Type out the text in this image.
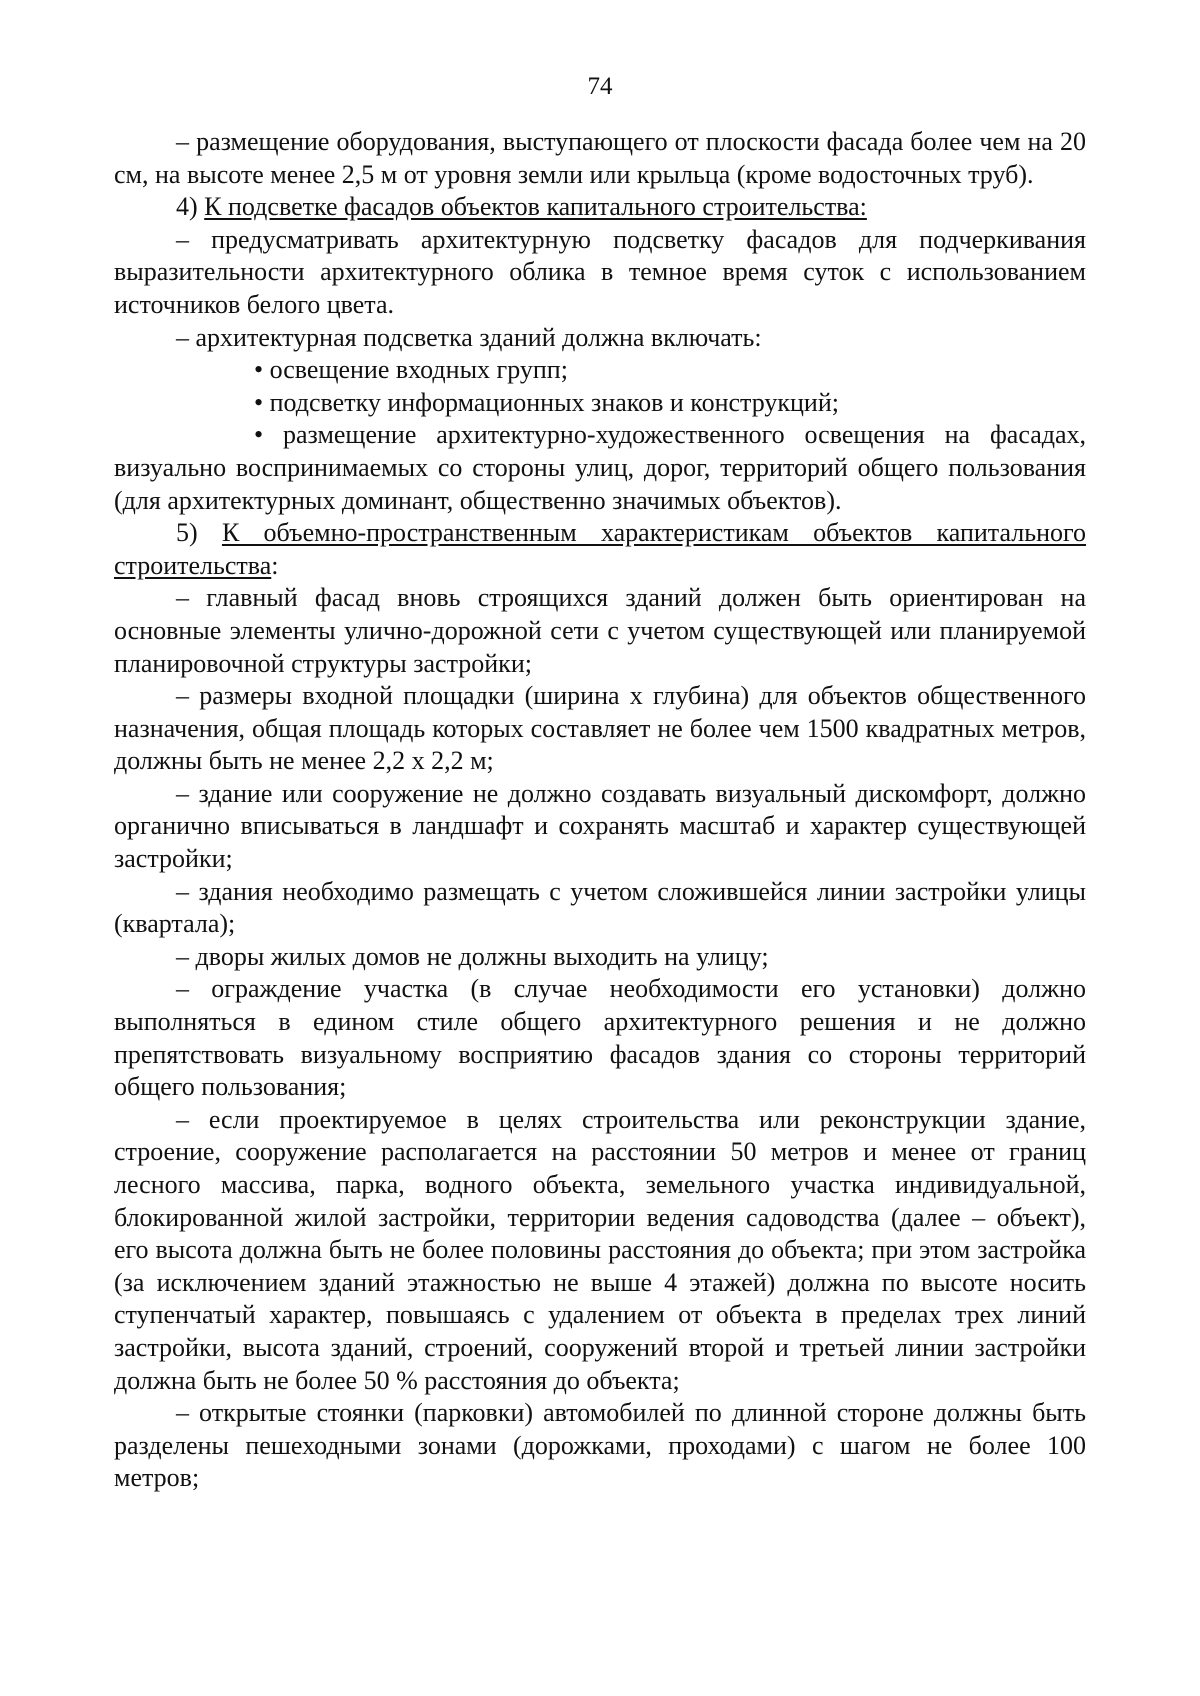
74

– размещение оборудования, выступающего от плоскости фасада более чем на 20 см, на высоте менее 2,5 м от уровня земли или крыльца (кроме водосточных труб).

4) К подсветке фасадов объектов капитального строительства:

– предусматривать архитектурную подсветку фасадов для подчеркивания выразительности архитектурного облика в темное время суток с использованием источников белого цвета.

– архитектурная подсветка зданий должна включать:

• освещение входных групп;

• подсветку информационных знаков и конструкций;

• размещение архитектурно-художественного освещения на фасадах, визуально воспринимаемых со стороны улиц, дорог, территорий общего пользования (для архитектурных доминант, общественно значимых объектов).

5) К объемно-пространственным характеристикам объектов капитального строительства:

– главный фасад вновь строящихся зданий должен быть ориентирован на основные элементы улично-дорожной сети с учетом существующей или планируемой планировочной структуры застройки;

– размеры входной площадки (ширина х глубина) для объектов общественного назначения, общая площадь которых составляет не более чем 1500 квадратных метров, должны быть не менее 2,2 х 2,2 м;

– здание или сооружение не должно создавать визуальный дискомфорт, должно органично вписываться в ландшафт и сохранять масштаб и характер существующей застройки;

– здания необходимо размещать с учетом сложившейся линии застройки улицы (квартала);

– дворы жилых домов не должны выходить на улицу;

– ограждение участка (в случае необходимости его установки) должно выполняться в едином стиле общего архитектурного решения и не должно препятствовать визуальному восприятию фасадов здания со стороны территорий общего пользования;

– если проектируемое в целях строительства или реконструкции здание, строение, сооружение располагается на расстоянии 50 метров и менее от границ лесного массива, парка, водного объекта, земельного участка индивидуальной, блокированной жилой застройки, территории ведения садоводства (далее – объект), его высота должна быть не более половины расстояния до объекта; при этом застройка (за исключением зданий этажностью не выше 4 этажей) должна по высоте носить ступенчатый характер, повышаясь с удалением от объекта в пределах трех линий застройки, высота зданий, строений, сооружений второй и третьей линии застройки должна быть не более 50 % расстояния до объекта;

– открытые стоянки (парковки) автомобилей по длинной стороне должны быть разделены пешеходными зонами (дорожками, проходами) с шагом не более 100 метров;
